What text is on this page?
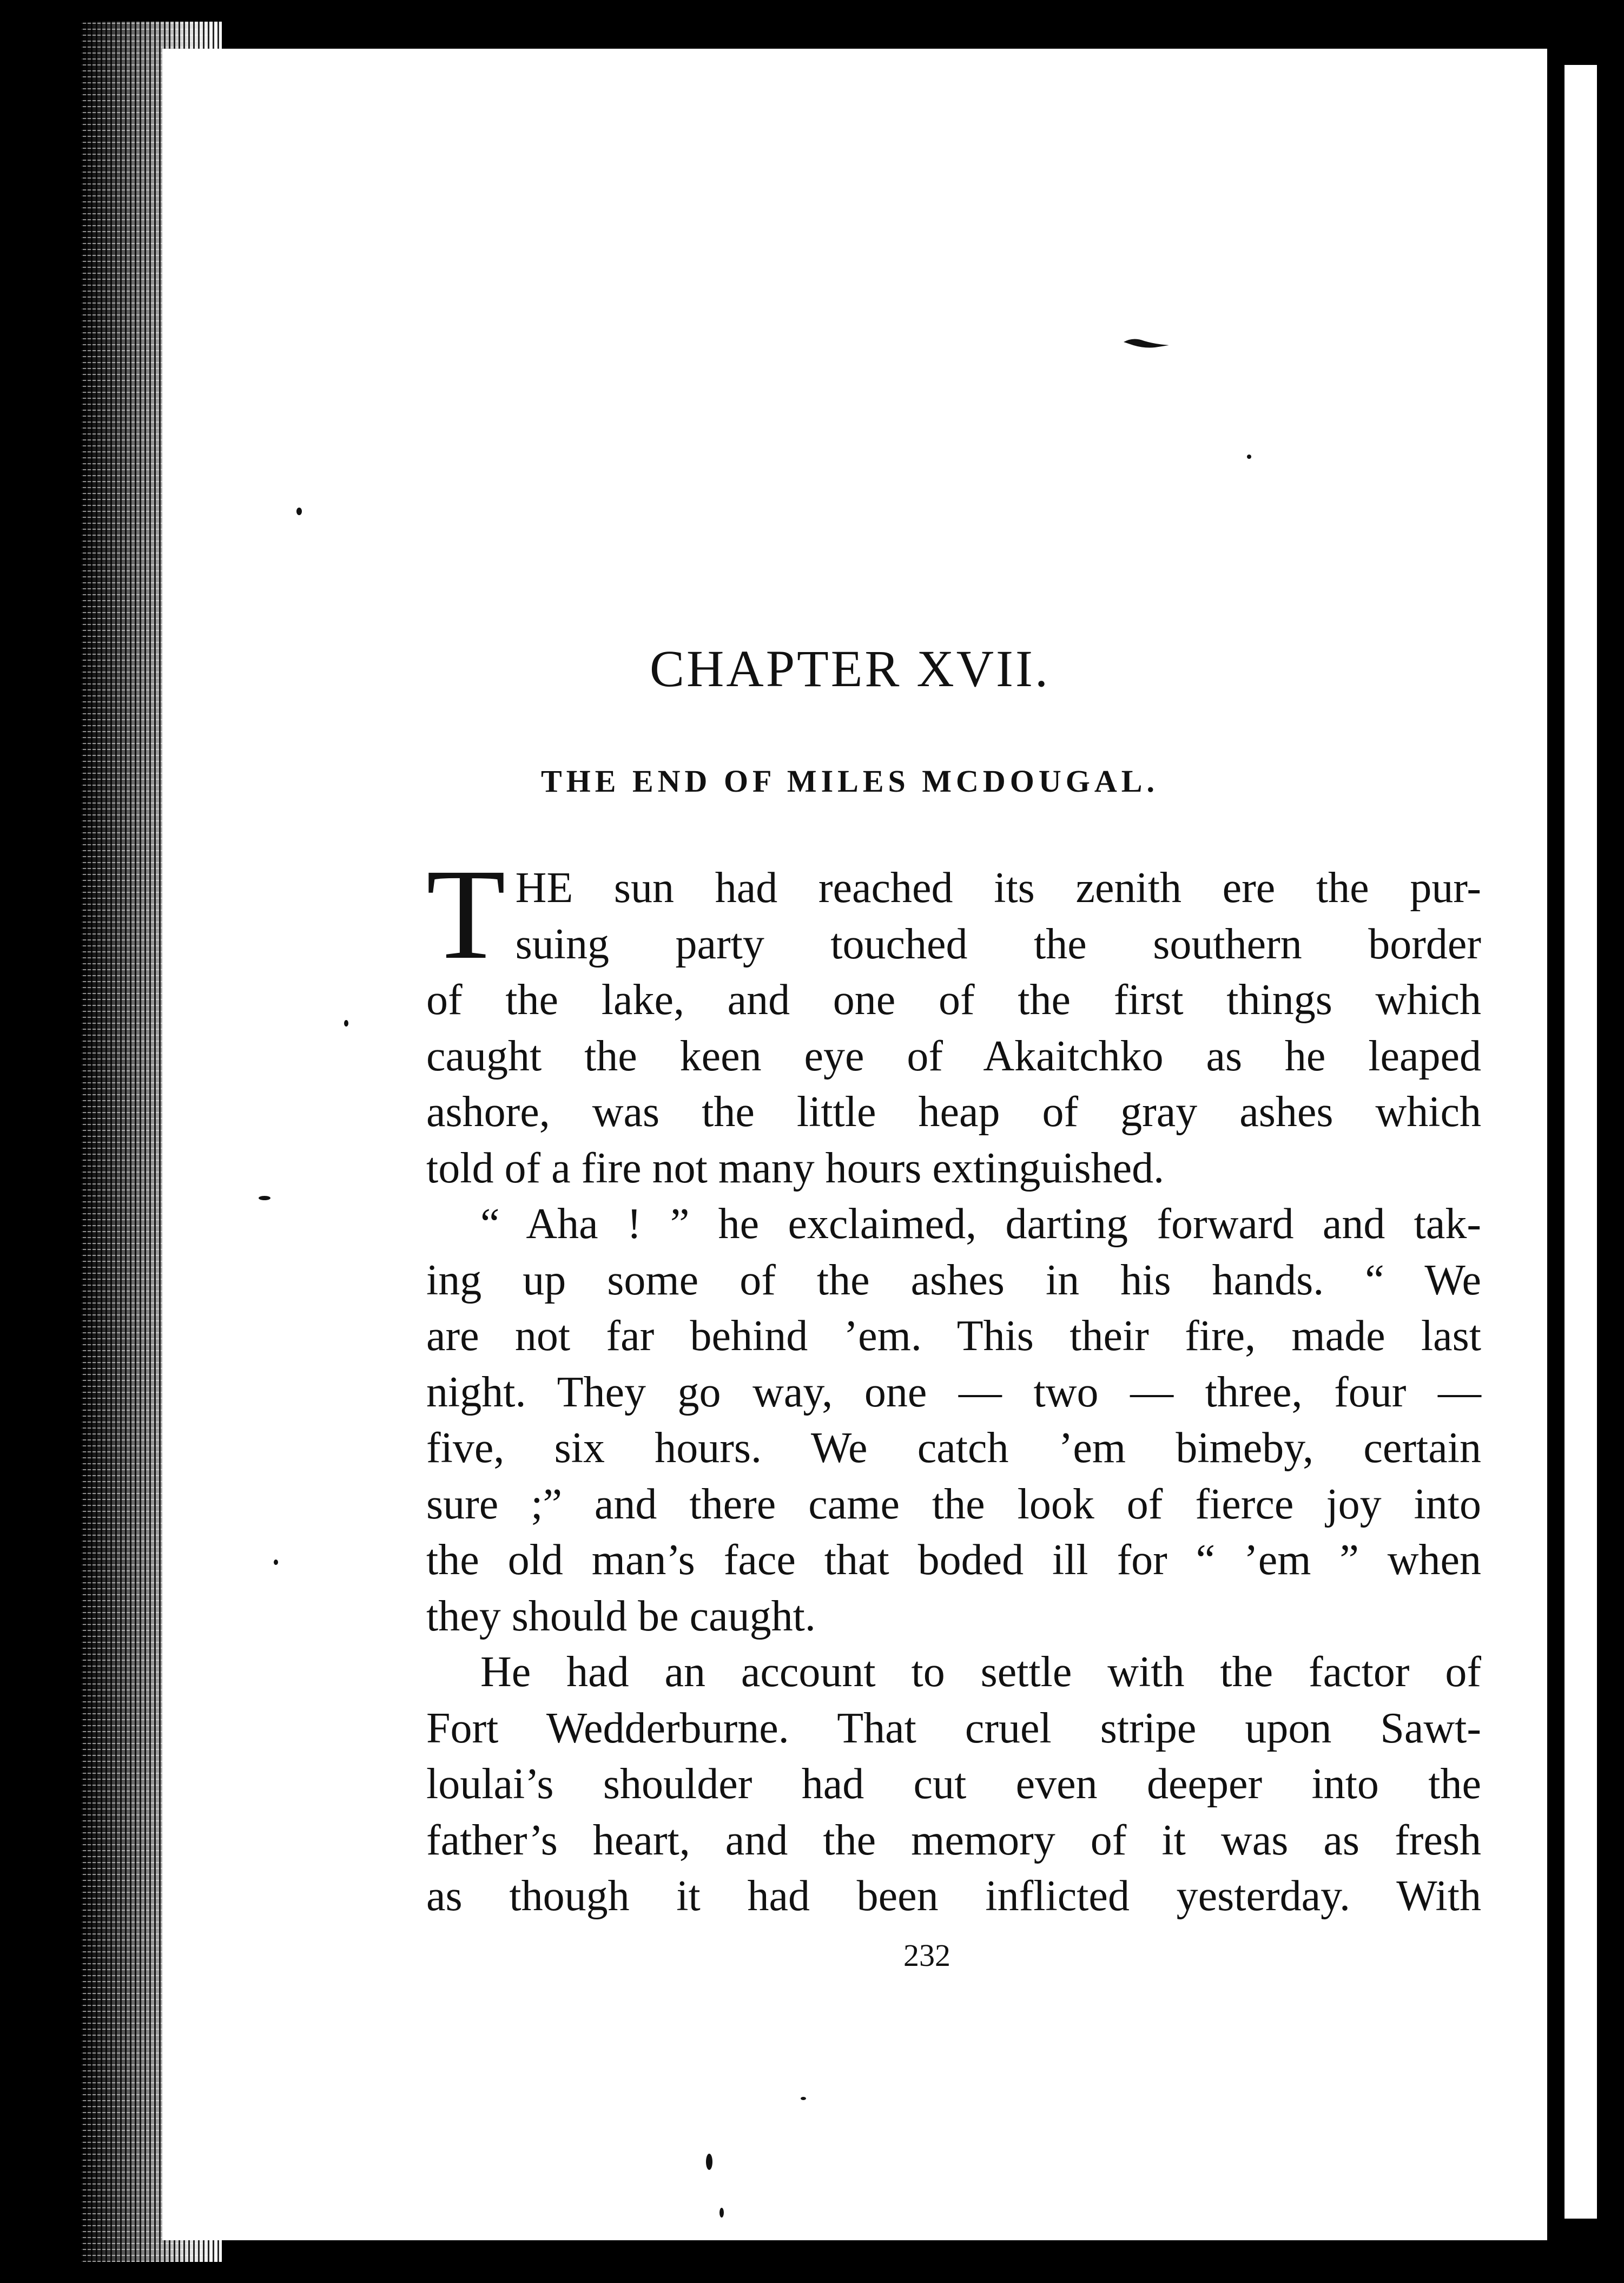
CHAPTER XVII.
THE END OF MILES MCDOUGAL.

T HE sun had reached its zenith ere the pur-
suing party touched the southern border
of the lake, and one of the first things which
caught the keen eye of Akaitchko as he leaped
ashore, was the little heap of gray ashes which
told of a fire not many hours extinguished.

“ Aha ! ” he exclaimed, darting forward and tak-
ing up some of the ashes in his hands. “ We
are not far behind ’em. This their fire, made last
night. They go way, one — two — three, four —
five, six hours. We catch ’em bimeby, certain
sure ;” and there came the look of fierce joy into
the old man’s face that boded ill for “ ’em ” when
they should be caught.

He had an account to settle with the factor of
Fort Wedderburne. That cruel stripe upon Sawt-
loulai’s shoulder had cut even deeper into the
father’s heart, and the memory of it was as fresh
as though it had been inflicted yesterday. With

232
